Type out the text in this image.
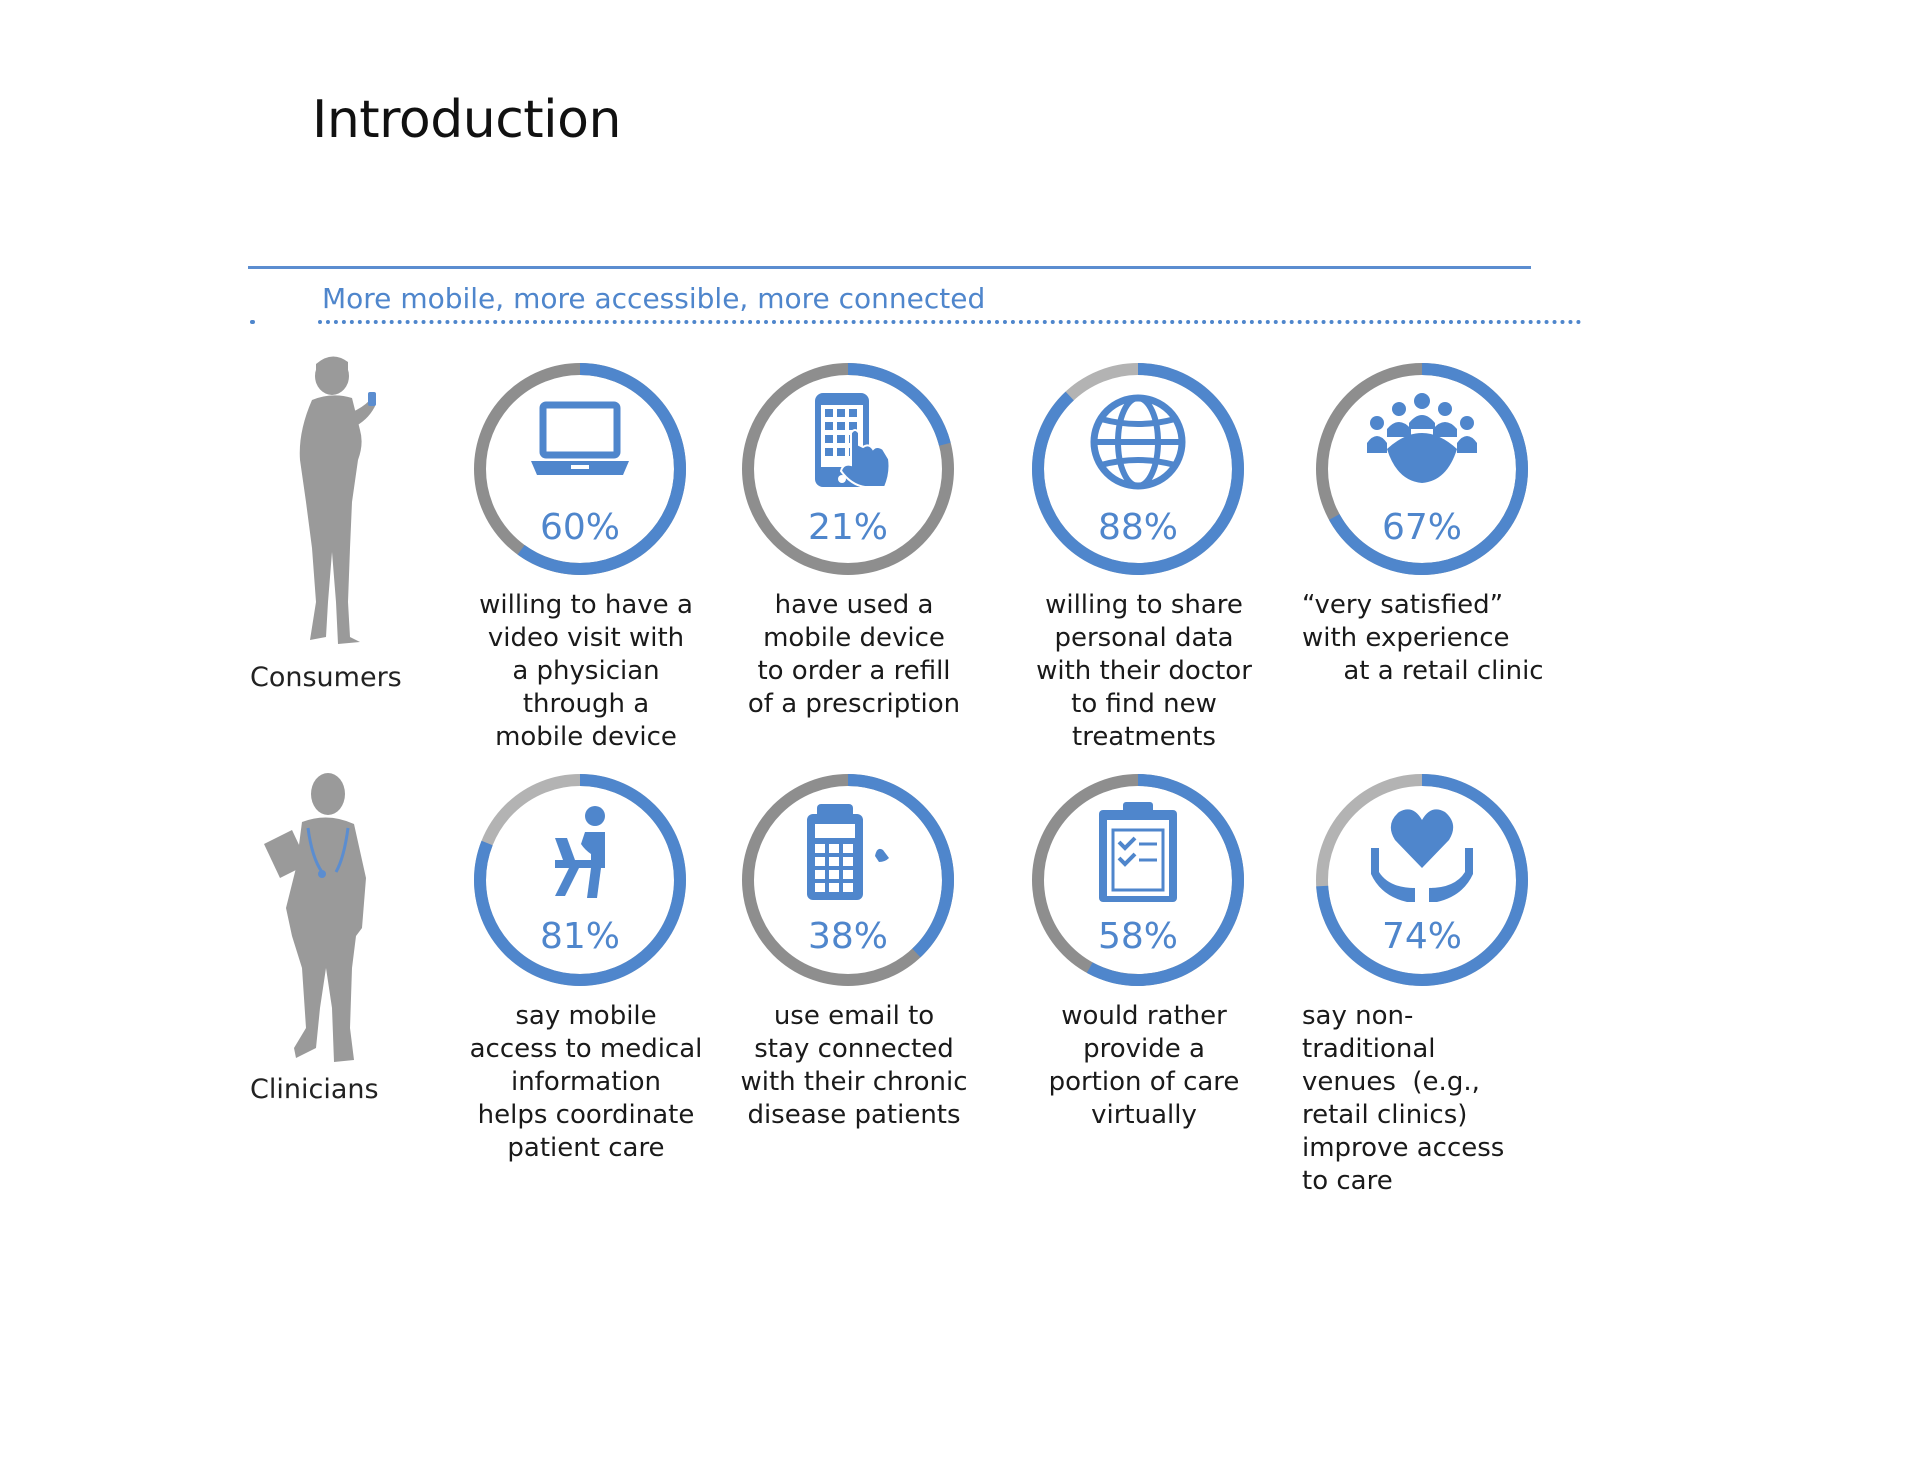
Introduction
More mobile, more accessible, more connected
Consumers
Clinicians
60%
willing to have a
video visit with
a physician
through a
mobile device
21%
have used a
mobile device
to order a refill
of a prescription
88%
willing to share
personal data
with their doctor
to find new
treatments
67%
“very satisfied”
with experience
at a retail clinic
81%
say mobile
access to medical
information
helps coordinate
patient care
38%
use email to
stay connected
with their chronic
disease patients
58%
would rather
provide a
portion of care
virtually
74%
say non-
traditional
venues  (e.g.,
retail clinics)
improve access
to care
